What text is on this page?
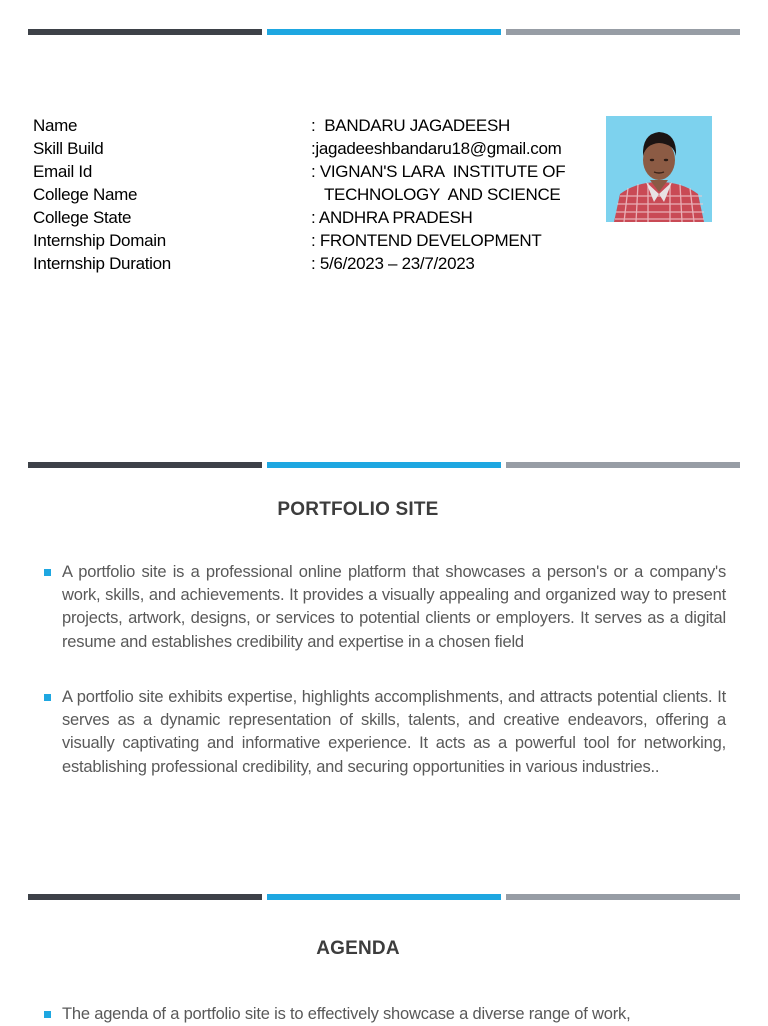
Name	:  BANDARU JAGADEESH
Skill Build	:jagadeeshbandaru18@gmail.com
Email Id	: VIGNAN'S LARA  INSTITUTE OF
College Name	TECHNOLOGY  AND SCIENCE
College State	: ANDHRA PRADESH
Internship Domain	: FRONTEND DEVELOPMENT
Internship Duration	: 5/6/2023 – 23/7/2023
PORTFOLIO SITE
A portfolio site is a professional online platform that showcases a person's or a company's work, skills, and achievements. It provides a visually appealing and organized way to present projects, artwork, designs, or services to potential clients or employers. It serves as a digital resume and establishes credibility and expertise in a chosen field
A portfolio site exhibits expertise, highlights accomplishments, and attracts potential clients. It serves as a dynamic representation of skills, talents, and creative endeavors, offering a visually captivating and informative experience. It acts as a powerful tool for networking, establishing professional credibility, and securing opportunities in various industries..
AGENDA
The agenda of a portfolio site is to effectively showcase a diverse range of work,
